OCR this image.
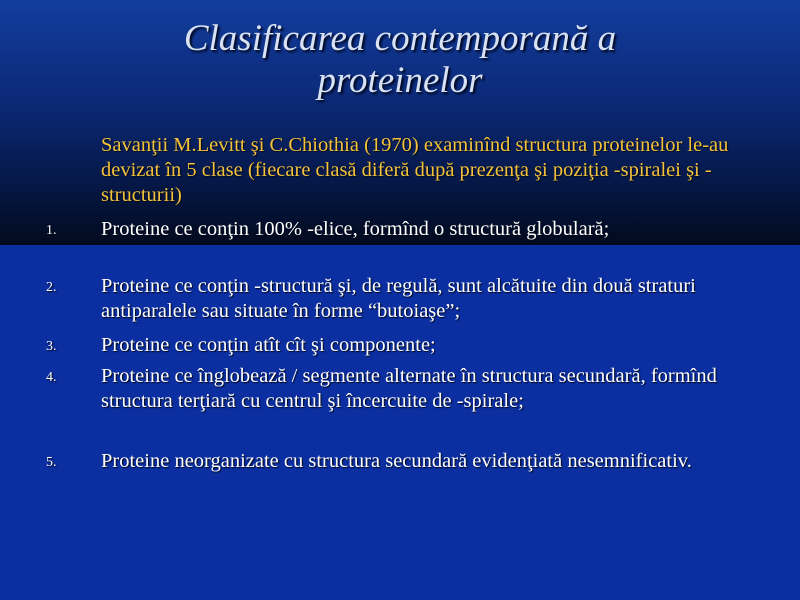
Clasificarea contemporană a
proteinelor

Savanţii M.Levitt şi C.Chiothia (1970) examinînd structura proteinelor le-au devizat în 5 clase (fiecare clasă diferă după prezenţa şi poziţia -spiralei şi -structurii)

1.	Proteine ce conţin 100% -elice, formînd o structură globulară;
2.	Proteine ce conţin -structură şi, de regulă, sunt alcătuite din două straturi antiparalele sau situate în forme “butoiaşe”;
3.	Proteine ce conţin atît cît şi componente;
4.	Proteine ce înglobează / segmente alternate în structura secundară, formînd structura terţiară cu centrul şi încercuite de -spirale;
5.	Proteine neorganizate cu structura secundară evidenţiată nesemnificativ.
